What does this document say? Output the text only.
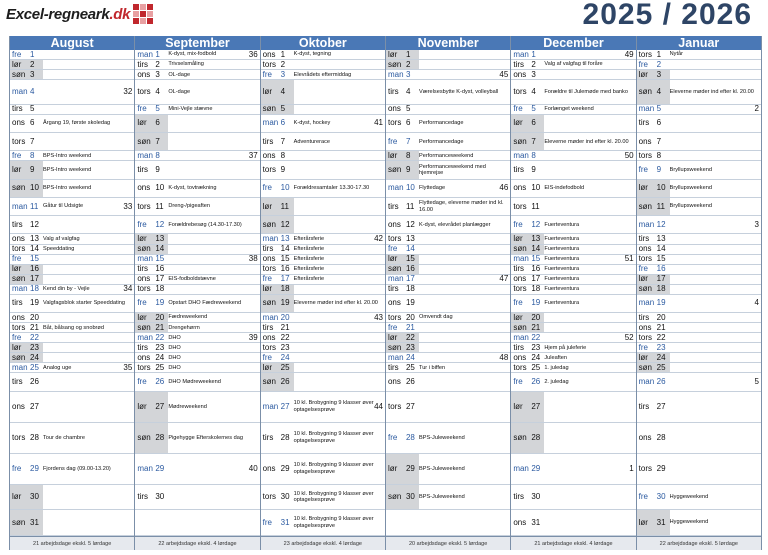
Excel-regneark.dk	2025 / 2026
August
fre	1
lør	2
søn 3
man 4	32
tirs 5
ons 6	Årgang 19, første skoledag
tors 7
fre	8	BPS-Intro weekend
lør	9	BPS-Intro weekend
søn 10 BPS-Intro weekend
man 11 Gåtur til Udsigte	33
tirs 12
ons 13 Valg af valgfag
tors 14 Speeddating
fre	15
lør	16
søn 17
man 18 Kend din by - Vejle	34
tirs 19 Valgfagsblok starter Speeddating
ons 20
tors 21 Båt, bålsang og snobrød
fre	22
lør	23
søn 24
man 25 Analog uge	35
tirs 26
ons 27
tors 28 Tour de chambre
fre	29 Fjordens dag (09.00-13.20)
lør	30
søn 31
21 arbejdsdage ekskl. 5 lørdage
September
man 1	K-dyst, mix-fodbold	36
tirs 2	Trivselsmåling
ons 3	OL-dage
tors 4	OL-dage
fre	5	Mini-Vejle stævne
lør	6
søn 7
man 8	37
tirs 9
ons 10 K-dyst, tovtrækning
tors 11 Dreng-/pigeaften
fre	12 Forældrebesøg (14.30-17.30)
lør	13
søn 14
man 15	38
tirs 16
ons 17 EIS-fodboldstævne
tors 18
fre	19 Opstart DHO Fædreweekend
lør	20 Fædreweekend
søn 21 Drengehørm
man 22 DHO	39
tirs 23 DHO
ons 24 DHO
tors 25 DHO
fre	26 DHO Mødreweekend
lør	27 Mødreweekend
søn 28 Pigehygge Efterskolernes dag
man 29	40
tirs 30
22 arbejdsdage ekskl. 4 lørdage
Oktober
ons 1	K-dyst, tegning
tors 2
fre	3	Elevrådets eftermiddag
lør	4
søn 5
man 6	K-dyst, hockey	41
tirs 7	Adventurerace
ons 8
tors 9
fre	10 Forældresamtaler 13.30-17.30
lør	11
søn 12
man 13 Efterårsferie	42
tirs 14 Efterårsferie
ons 15 Efterårsferie
tors 16 Efterårsferie
fre	17 Efterårsferie
lør	18
søn 19 Eleverne møder ind efter kl. 20.00
man 20	43
tirs 21
ons 22
tors 23
fre	24
lør	25
søn 26
man 27 10 kl. Brobygning 9 klasser øver optagelsesprøve	44
tirs 28 10 kl. Brobygning 9 klasser øver optagelsesprøve
ons 29 10 kl. Brobygning 9 klasser øver optagelsesprøve
tors 30 10 kl. Brobygning 9 klasser øver optagelsesprøve
fre	31 10 kl. Brobygning 9 klasser øver optagelsesprøve
23 arbejdsdage ekskl. 4 lørdage
November
lør	1
søn 2
man 3	45
tirs 4	Værelsesbytte K-dyst, volleyball
ons 5
tors 6	Performancedage
fre	7	Performancedage
lør	8	Performanceweekend
søn 9	Performanceweekend med hjemrejse
man 10 Flyttedage	46
tirs 11 Flyttedage, eleverne møder ind kl. 16.00
ons 12 K-dyst, elevrådet planlægger
tors 13
fre	14
lør	15
søn 16
man 17	47
tirs 18
ons 19
tors 20 Omvendt dag
fre	21
lør	22
søn 23
man 24	48
tirs 25 Tur i biffen
ons 26
tors 27
fre	28 BPS-Juleweekend
lør	29 BPS-Juleweekend
søn 30 BPS-Juleweekend
20 arbejdsdage ekskl. 5 lørdage
December
man 1	49
tirs 2	Valg af valgfag til foråre
ons 3
tors 4	Forældre til Julemøde med banko
fre	5	Forlænget weekend
lør	6
søn 7	Eleverne møder ind efter kl. 20.00
man 8	50
tirs 9
ons 10 EIS-indefodbold
tors 11
fre	12 Fuerteventura
lør	13 Fuerteventura
søn 14 Fuerteventura
man 15 Fuerteventura	51
tirs 16 Fuerteventura
ons 17 Fuerteventura
tors 18 Fuerteventura
fre	19 Fuerteventura
lør	20
søn 21
man 22	52
tirs 23 Hjem på juleferie
ons 24 Juleaften
tors 25 1. juledag
fre	26 2. juledag
lør	27
søn 28
man 29	1
tirs 30
ons 31
21 arbejdsdage ekskl. 4 lørdage
Januar
tors 1	Nytår
fre	2
lør	3
søn 4	Eleverne møder ind efter kl. 20.00
man 5	2
tirs 6
ons 7
tors 8
fre	9	Bryllupsweekend
lør	10 Bryllupsweekend
søn 11 Bryllupsweekend
man 12	3
tirs 13
ons 14
tors 15
fre	16
lør	17
søn 18
man 19	4
tirs 20
ons 21
tors 22
fre	23
lør	24
søn 25
man 26	5
tirs 27
ons 28
tors 29
fre	30 Hyggeweekend
lør	31 Hyggeweekend
22 arbejdsdage ekskl. 5 lørdage
